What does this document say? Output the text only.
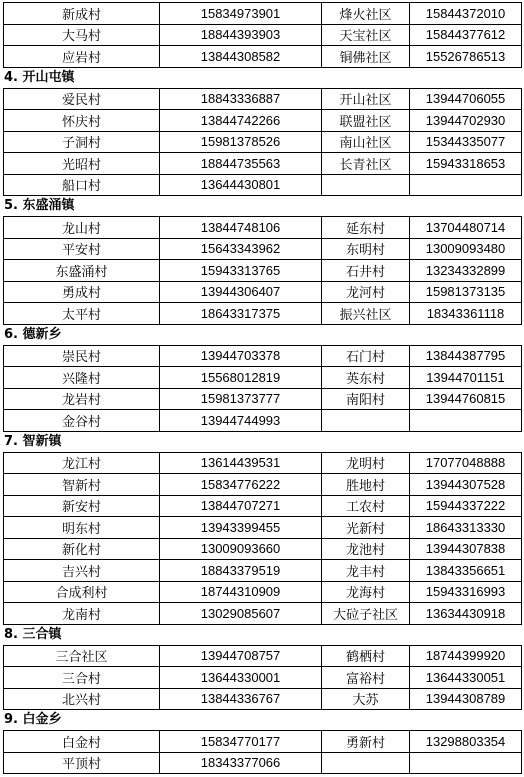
新成村	15834973901	烽火社区	15844372010
大马村	18844393903	天宝社区	15844377612
应岩村	13844308582	铜佛社区	15526786513
4. 开山屯镇
爱民村	18843336887	开山社区	13944706055
怀庆村	13844742266	联盟社区	13944702930
子洞村	15981378526	南山社区	15344335077
光昭村	18844735563	长青社区	15943318653
船口村	13644430801		
5. 东盛涌镇
龙山村	13844748106	延东村	13704480714
平安村	15643343962	东明村	13009093480
东盛涌村	15943313765	石井村	13234332899
勇成村	13944306407	龙河村	15981373135
太平村	18643317375	振兴社区	18343361118
6. 德新乡
崇民村	13944703378	石门村	13844387795
兴隆村	15568012819	英东村	13944701151
龙岩村	15981373777	南阳村	13944760815
金谷村	13944744993		
7. 智新镇
龙江村	13614439531	龙明村	17077048888
智新村	15834776222	胜地村	13944307528
新安村	13844707271	工农村	15944337222
明东村	13943399455	光新村	18643313330
新化村	13009093660	龙池村	13944307838
吉兴村	18843379519	龙丰村	13843356651
合成利村	18744310909	龙海村	15943316993
龙南村	13029085607	大砬子社区	13634430918
8. 三合镇
三合社区	13944708757	鹤栖村	18744399920
三合村	13644330001	富裕村	13644330051
北兴村	13844336767	大苏	13944308789
9. 白金乡
白金村	15834770177	勇新村	13298803354
平顶村	18343377066		
